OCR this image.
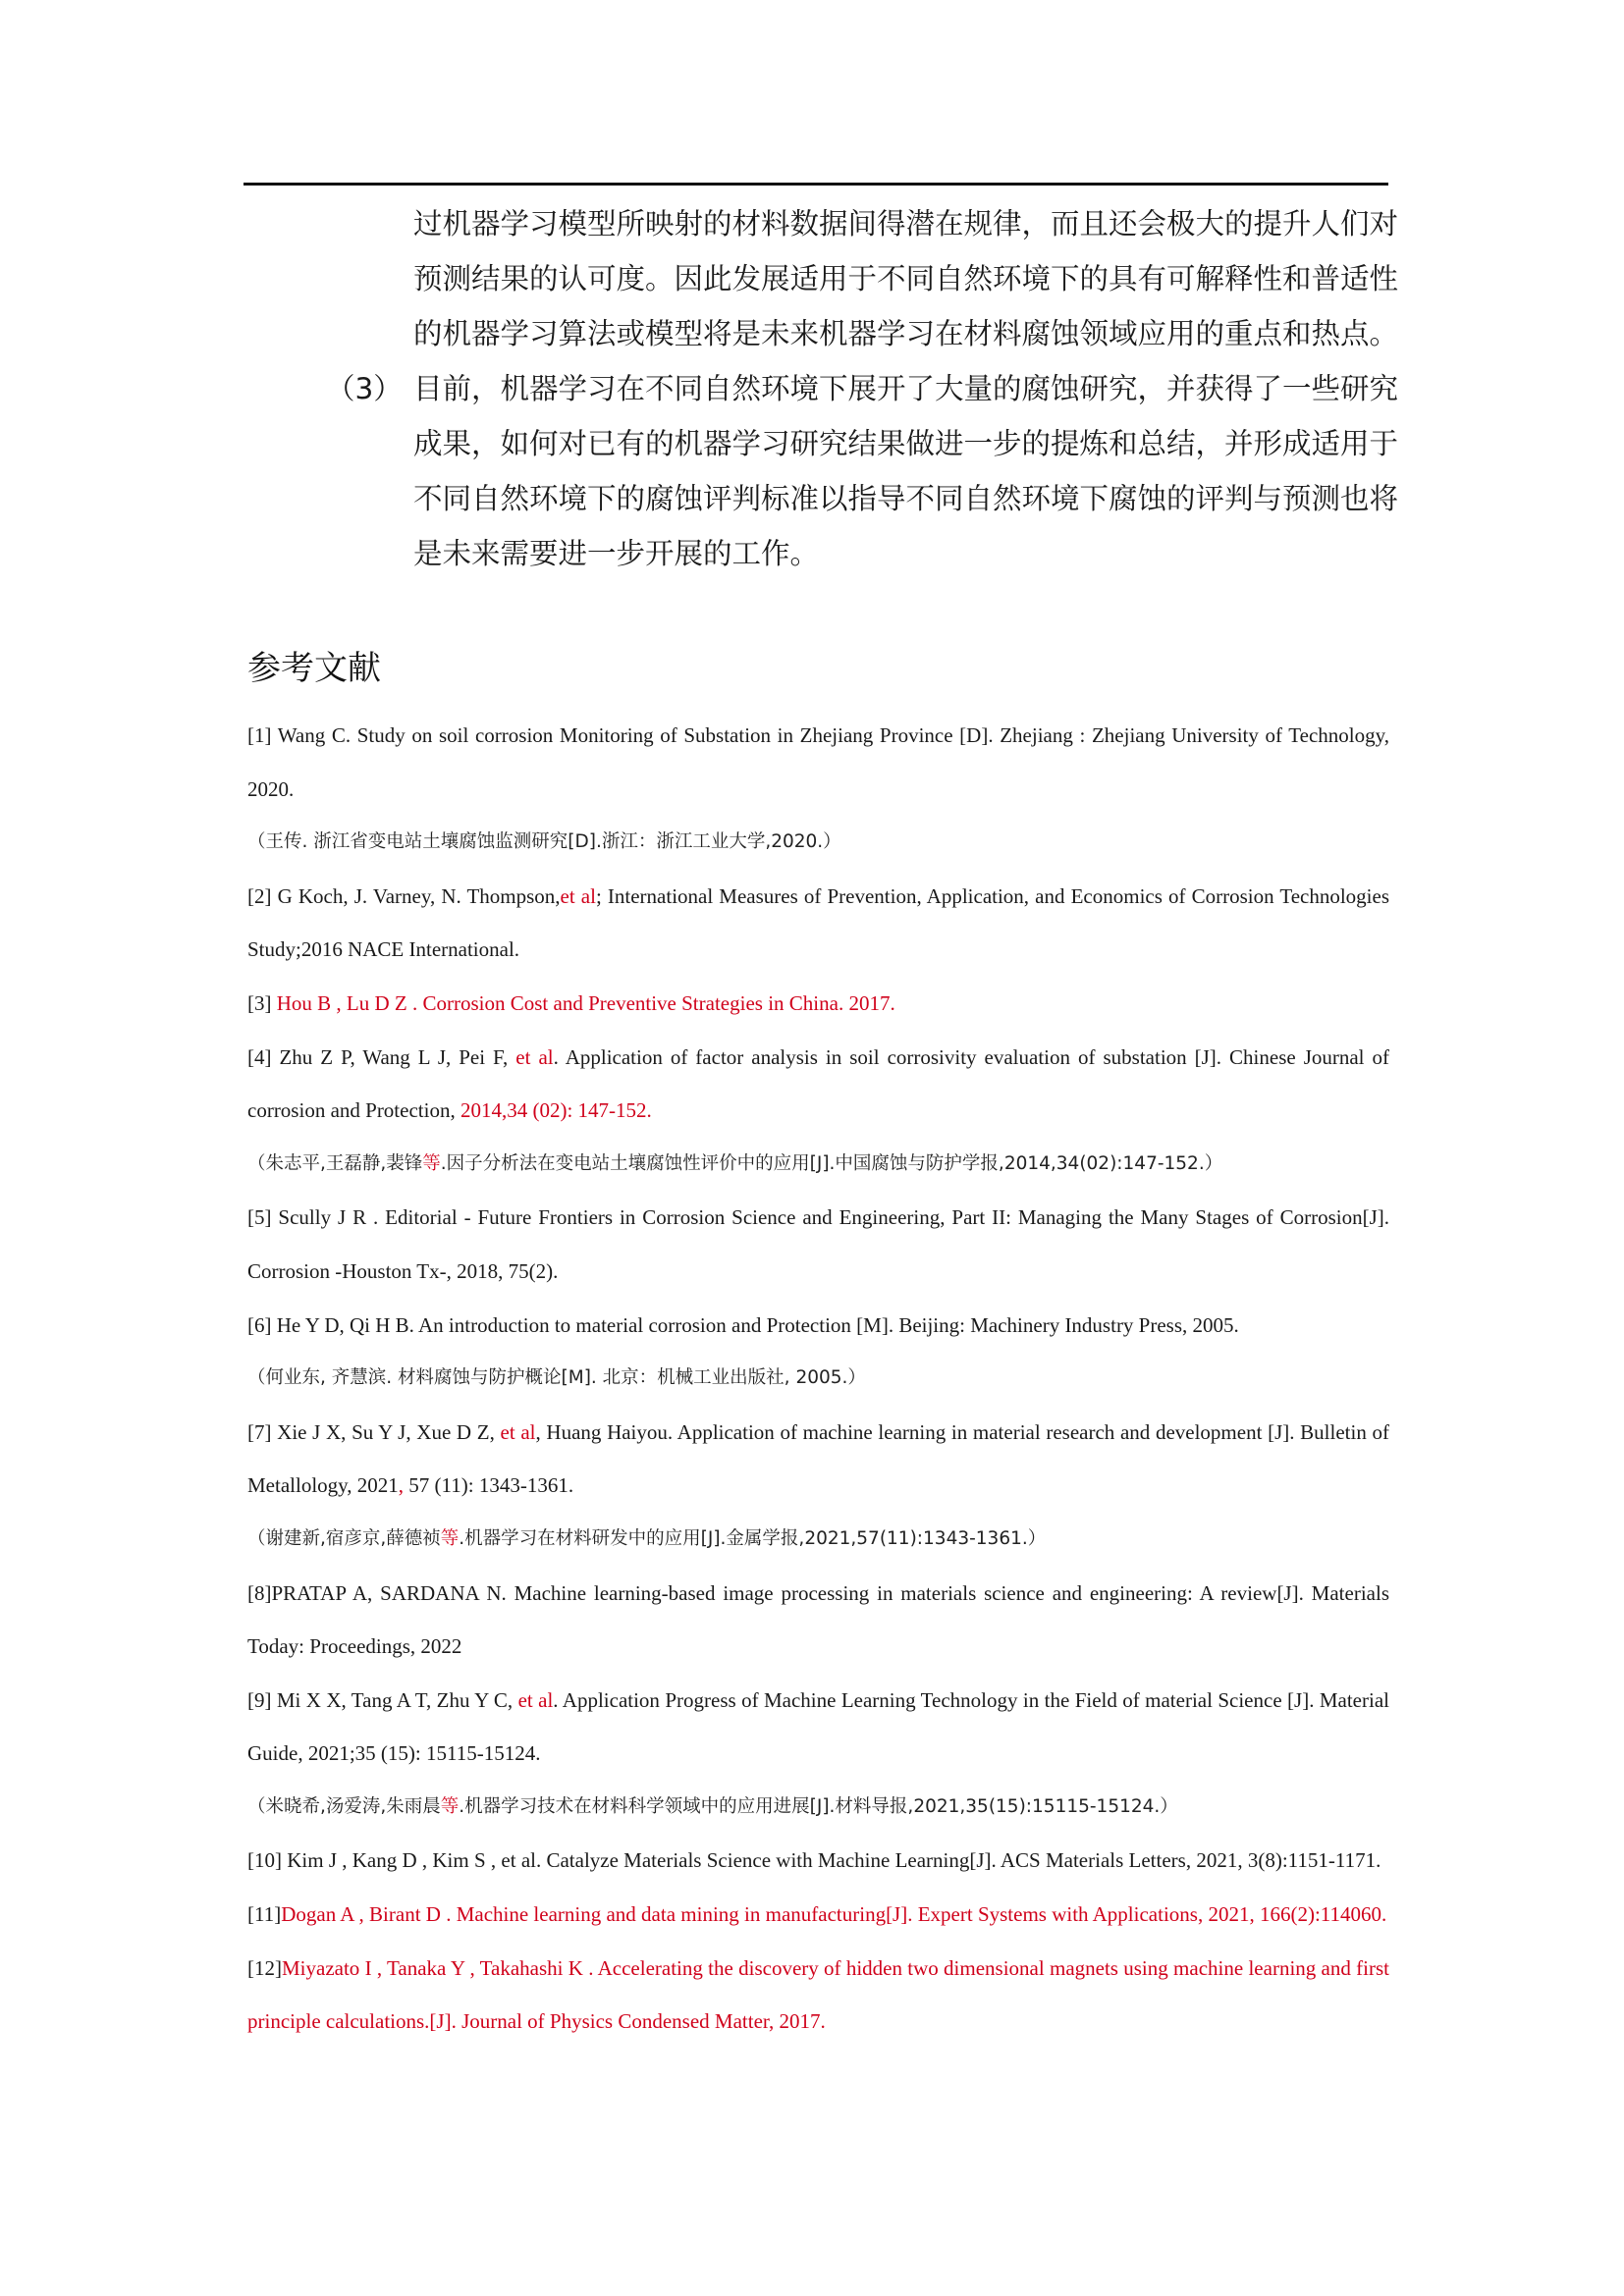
过机器学习模型所映射的材料数据间得潜在规律，而且还会极大的提升人们对预测结果的认可度。因此发展适用于不同自然环境下的具有可解释性和普适性的机器学习算法或模型将是未来机器学习在材料腐蚀领域应用的重点和热点。
（3） 目前，机器学习在不同自然环境下展开了大量的腐蚀研究，并获得了一些研究成果，如何对已有的机器学习研究结果做进一步的提炼和总结，并形成适用于不同自然环境下的腐蚀评判标准以指导不同自然环境下腐蚀的评判与预测也将是未来需要进一步开展的工作。
参考文献
[1] Wang C. Study on soil corrosion Monitoring of Substation in Zhejiang Province [D]. Zhejiang : Zhejiang University of Technology, 2020.
（王传. 浙江省变电站土壤腐蚀监测研究[D].浙江：浙江工业大学,2020.）
[2] G Koch, J. Varney, N. Thompson,et al; International Measures of Prevention, Application, and Economics of Corrosion Technologies Study;2016 NACE International.
[3] Hou B , Lu D Z . Corrosion Cost and Preventive Strategies in China. 2017.
[4] Zhu Z P, Wang L J, Pei F, et al. Application of factor analysis in soil corrosivity evaluation of substation [J]. Chinese Journal of corrosion and Protection, 2014,34 (02): 147-152.
（朱志平,王磊静,裴锋等.因子分析法在变电站土壤腐蚀性评价中的应用[J].中国腐蚀与防护学报,2014,34(02):147-152.）
[5] Scully J R . Editorial - Future Frontiers in Corrosion Science and Engineering, Part II: Managing the Many Stages of Corrosion[J]. Corrosion -Houston Tx-, 2018, 75(2).
[6] He Y D, Qi H B. An introduction to material corrosion and Protection [M]. Beijing: Machinery Industry Press, 2005.
（何业东, 齐慧滨. 材料腐蚀与防护概论[M]. 北京：机械工业出版社, 2005.）
[7] Xie J X, Su Y J, Xue D Z, et al, Huang Haiyou. Application of machine learning in material research and development [J]. Bulletin of Metallology, 2021, 57 (11): 1343-1361.
（谢建新,宿彦京,薛德祯等.机器学习在材料研发中的应用[J].金属学报,2021,57(11):1343-1361.）
[8]PRATAP A, SARDANA N. Machine learning-based image processing in materials science and engineering: A review[J]. Materials Today: Proceedings, 2022
[9] Mi X X, Tang A T, Zhu Y C, et al. Application Progress of Machine Learning Technology in the Field of material Science [J]. Material Guide, 2021;35 (15): 15115-15124.
（米晓希,汤爱涛,朱雨晨等.机器学习技术在材料科学领域中的应用进展[J].材料导报,2021,35(15):15115-15124.）
[10] Kim J , Kang D , Kim S , et al. Catalyze Materials Science with Machine Learning[J]. ACS Materials Letters, 2021, 3(8):1151-1171.
[11]Dogan A , Birant D . Machine learning and data mining in manufacturing[J]. Expert Systems with Applications, 2021, 166(2):114060.
[12]Miyazato I , Tanaka Y , Takahashi K . Accelerating the discovery of hidden two dimensional magnets using machine learning and first principle calculations.[J]. Journal of Physics Condensed Matter, 2017.
